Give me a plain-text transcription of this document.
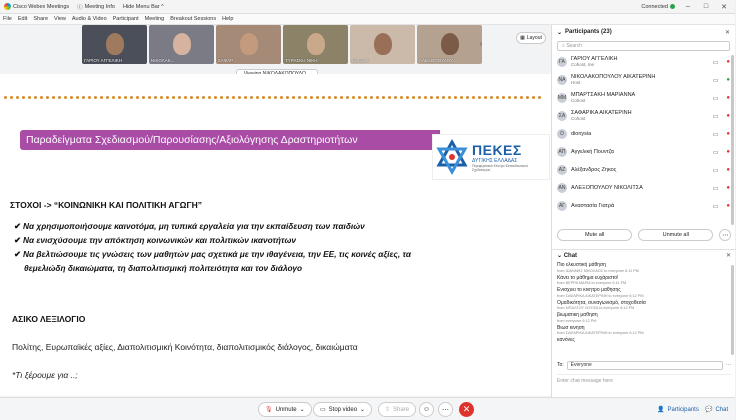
Cisco Webex Meetings ⓘ Meeting Info Hide Menu Bar ^	Connected	–	□	✕
File Edit Share View Audio & Video Participant Meeting Breakout Sessions Help
ΓΑΡΙΟΥ ΑΓΓΕΛΙΚΗ	ΝΙΚΟΛΑΚ...	ΣΑΦΑΡ...	ΤΥΡΑΣΚΗ ΝΙΚΗ	dionysia	ΑΛΕΞΟΠΟΥΛΟΥ...
›
▦ Layout
Παραδείγματα Σχεδιασμού/Παρουσίασης/Αξιολόγησης Δραστηριοτήτων
ΠΕΚΕΣ
ΔΥΤΙΚΗΣ ΕΛΛΑΔΑΣ
Περιφερειακό Κέντρο Εκπαιδευτικού Σχεδιασμού
ΣΤΟΧΟΙ -> “ΚΟΙΝΩΝΙΚΗ ΚΑΙ ΠΟΛΙΤΙΚΗ ΑΓΩΓΗ”
✔ Να χρησιμοποιήσουμε καινοτόμα, μη τυπικά εργαλεία για την εκπαίδευση των παιδιών
✔ Να ενισχύσουμε την απόκτηση κοινωνικών και πολιτικών ικανοτήτων
✔ Να βελτιώσουμε τις γνώσεις των μαθητών μας σχετικά με την ιθαγένεια, την ΕΕ, τις κοινές αξίες, τα
θεμελιώδη δικαιώματα, τη διαπολιτισμική πολιτειότητα και τον διάλογο
ΑΣΙΚΟ ΛΕΞΙΛΟΓΙΟ
Πολίτης, Ευρωπαϊκές αξίες, Διαπολιτισμική Κοινότητα, διαπολιτισμικός διάλογος, δικαιώματα
*Τι ξέρουμε για ..;
🎙 Unmute ⌄	▭ Stop video ⌄	⇪ Share ☺ ⋯ ✕	👤 Participants 💬 Chat
⌄ Participants (23)	✕
⌕ Search
ΓΑ	ΓΑΡΙΟΥ ΑΓΓΕΛΙΚΗ
Cohost, me	▭ ●
ΝΑ ΝΙΚΟΛΑΚΟΠΟΥΛΟΥ ΑΙΚΑΤΕΡΙΝΗ
Host	▭ ●
ΜΜ ΜΠΑΡΤΣΑΚΗ ΜΑΡΙΑΝΝΑ
Cohost	▭ ●
ΣΑ	ΣΑΦΑΡΙΚΑ ΑΙΚΑΤΕΡΙΝΗ
Cohost	▭ ●
D	dionysia	▭ ●
ΑΠ Αγγελική Πουντζα	▭ ●
ΑΖ	Αλέξανδρος Ζηκος	▭ ●
ΑΝ ΑΛΕΞΟΠΟΥΛΟΥ ΝΙΚΟΛΙΤΣΑ	▭ ●
ΑΓ	Αναστασία Γιατρά	▭ ●
Mute all	Unmute all	⋯
⌄ Chat	✕
Πιο ελκυστική μάθηση
from ΙΩΑΝΝΗΣ ΝΙΚΟΛΑΟΣ to everyone 6:11 PM
Κάνει το μάθημα ευχάριστο!
from ΒΕΡΡΑ ΜΑΡΙΑ to everyone 6:11 PM
Ενισχυει το κινητρο μαθησης
from ΣΑΦΑΡΙΚΑ ΑΙΚΑΤΕΡΙΝΗ to everyone 6:12 PM
Ομαδικότητα, συναγωνισμό, στοχοθεσία
from ΜΠΑΛΤΟΥ ΛΟΥΙΖΑ to everyone 6:12 PM
βιωματικη μαθηση
from everyone 6:12 PM
Βιωσ κινηση
from ΣΑΦΑΡΙΚΑ ΑΙΚΑΤΕΡΙΝΗ to everyone 6:12 PM
κανόνες
To: Everyone	⋯
Enter chat message here
